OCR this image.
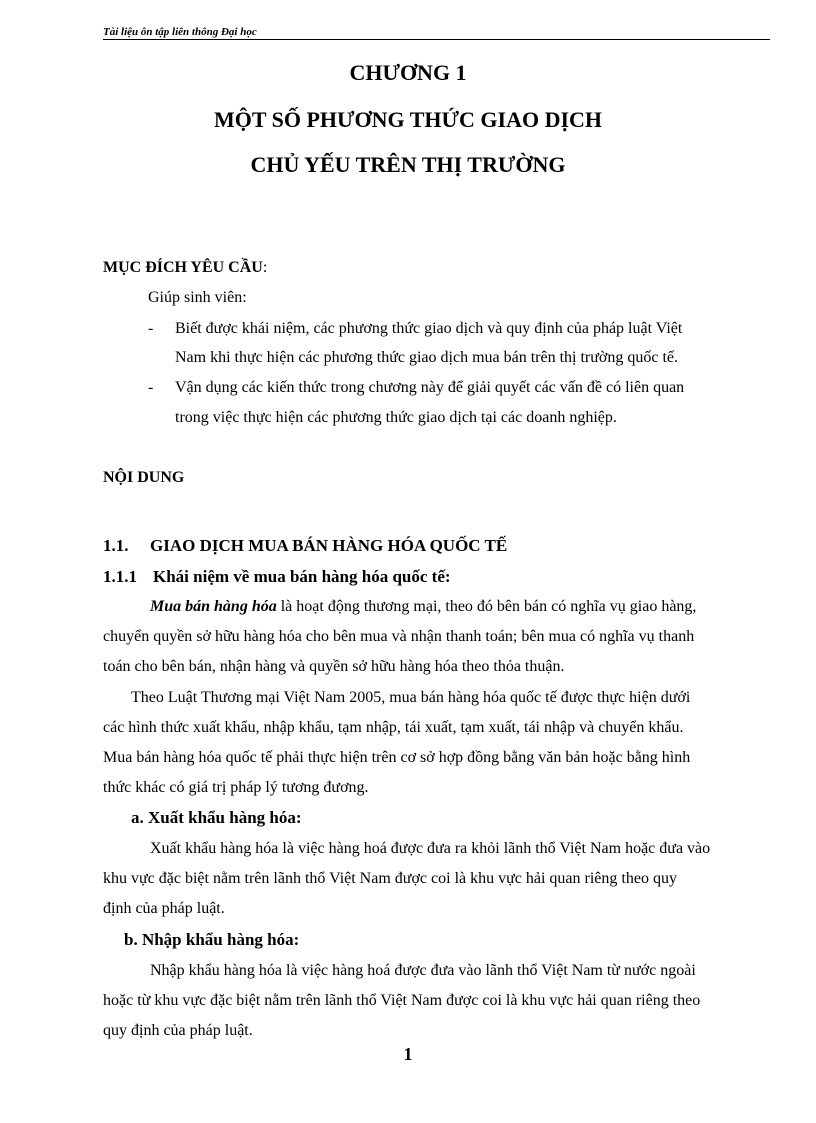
Tài liệu ôn tập liên thông Đại học
CHƯƠNG 1
MỘT SỐ PHƯƠNG THỨC GIAO DỊCH
CHỦ YẾU TRÊN THỊ TRƯỜNG
MỤC ĐÍCH YÊU CẦU:
Giúp sinh viên:
- Biết được khái niệm, các phương thức giao dịch và quy định của pháp luật Việt
Nam khi thực hiện các phương thức giao dịch mua bán trên thị trường quốc tế.
- Vận dụng các kiến thức trong chương này để giải quyết các vấn đề có liên quan
trong việc thực hiện các phương thức giao dịch tại các doanh nghiệp.
NỘI DUNG
1.1. GIAO DỊCH MUA BÁN HÀNG HÓA QUỐC TẾ
1.1.1 Khái niệm về mua bán hàng hóa quốc tế:
Mua bán hàng hóa là hoạt động thương mại, theo đó bên bán có nghĩa vụ giao hàng,
chuyển quyền sở hữu hàng hóa cho bên mua và nhận thanh toán; bên mua có nghĩa vụ thanh
toán cho bên bán, nhận hàng và quyền sở hữu hàng hóa theo thỏa thuận.
Theo Luật Thương mại Việt Nam 2005, mua bán hàng hóa quốc tế được thực hiện dưới
các hình thức xuất khẩu, nhập khẩu, tạm nhập, tái xuất, tạm xuất, tái nhập và chuyển khẩu.
Mua bán hàng hóa quốc tế phải thực hiện trên cơ sở hợp đồng bằng văn bản hoặc bằng hình
thức khác có giá trị pháp lý tương đương.
a. Xuất khẩu hàng hóa:
Xuất khẩu hàng hóa là việc hàng hoá được đưa ra khỏi lãnh thổ Việt Nam hoặc đưa vào
khu vực đặc biệt nằm trên lãnh thổ Việt Nam được coi là khu vực hải quan riêng theo quy
định của pháp luật.
b. Nhập khẩu hàng hóa:
Nhập khẩu hàng hóa là việc hàng hoá được đưa vào lãnh thổ Việt Nam từ nước ngoài
hoặc từ khu vực đặc biệt nằm trên lãnh thổ Việt Nam được coi là khu vực hải quan riêng theo
quy định của pháp luật.
1
